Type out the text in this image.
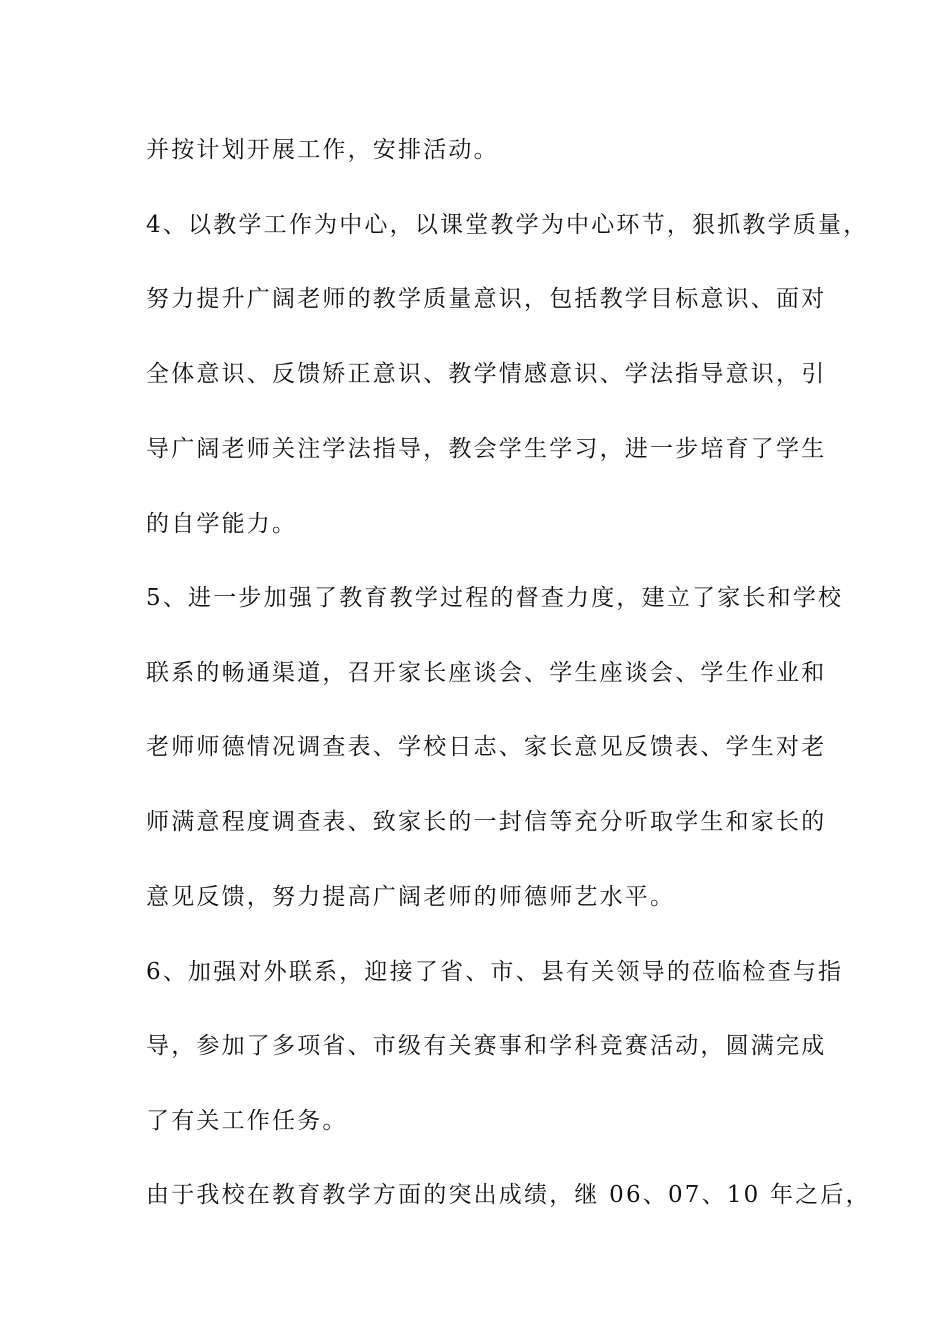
并按计划开展工作，安排活动。
4、以教学工作为中心，以课堂教学为中心环节，狠抓教学质量，
努力提升广阔老师的教学质量意识，包括教学目标意识、面对
全体意识、反馈矫正意识、教学情感意识、学法指导意识，引
导广阔老师关注学法指导，教会学生学习，进一步培育了学生
的自学能力。
5、进一步加强了教育教学过程的督查力度，建立了家长和学校
联系的畅通渠道，召开家长座谈会、学生座谈会、学生作业和
老师师德情况调查表、学校日志、家长意见反馈表、学生对老
师满意程度调查表、致家长的一封信等充分听取学生和家长的
意见反馈，努力提高广阔老师的师德师艺水平。
6、加强对外联系，迎接了省、市、县有关领导的莅临检查与指
导，参加了多项省、市级有关赛事和学科竞赛活动，圆满完成
了有关工作任务。
由于我校在教育教学方面的突出成绩，继 06、07、10 年之后，
